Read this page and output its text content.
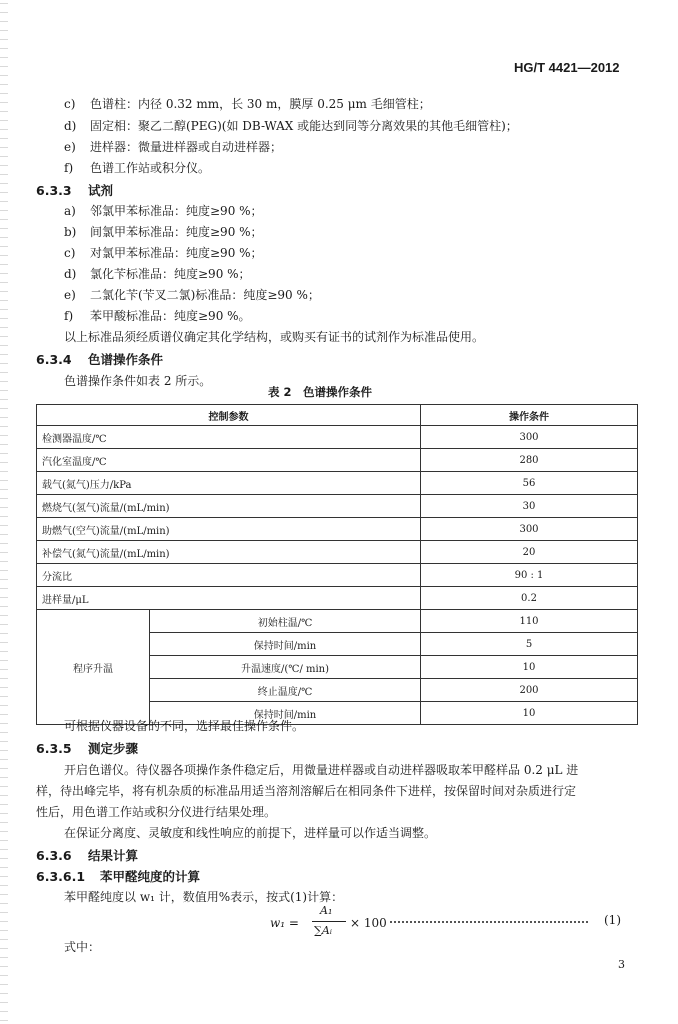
HG/T 4421—2012
c) 色谱柱：内径 0.32 mm，长 30 m，膜厚 0.25 μm 毛细管柱；
d) 固定相：聚乙二醇(PEG)(如 DB-WAX 或能达到同等分离效果的其他毛细管柱)；
e) 进样器：微量进样器或自动进样器；
f) 色谱工作站或积分仪。
6.3.3 试剂
a) 邻氯甲苯标准品：纯度≥90 %；
b) 间氯甲苯标准品：纯度≥90 %；
c) 对氯甲苯标准品：纯度≥90 %；
d) 氯化苄标准品：纯度≥90 %；
e) 二氯化苄(苄叉二氯)标准品：纯度≥90 %；
f) 苯甲酸标准品：纯度≥90 %。
以上标准品须经质谱仪确定其化学结构，或购买有证书的试剂作为标准品使用。
6.3.4 色谱操作条件
色谱操作条件如表 2 所示。
表 2　色谱操作条件
控制参数		操作条件
检测器温度/℃		300
汽化室温度/℃		280
载气(氮气)压力/kPa		56
燃烧气(氢气)流量/(mL/min)		30
助燃气(空气)流量/(mL/min)		300
补偿气(氮气)流量/(mL/min)		20
分流比		90 : 1
进样量/μL		0.2
程序升温	初始柱温/℃	110
	保持时间/min	5
	升温速度/(℃/ min)	10
	终止温度/℃	200
	保持时间/min	10
可根据仪器设备的不同，选择最佳操作条件。
6.3.5 测定步骤
开启色谱仪。待仪器各项操作条件稳定后，用微量进样器或自动进样器吸取苯甲醛样品 0.2 μL 进
样，待出峰完毕，将有机杂质的标准品用适当溶剂溶解后在相同条件下进样，按保留时间对杂质进行定
性后，用色谱工作站或积分仪进行结果处理。
在保证分离度、灵敏度和线性响应的前提下，进样量可以作适当调整。
6.3.6 结果计算
6.3.6.1 苯甲醛纯度的计算
苯甲醛纯度以 w₁ 计，数值用%表示，按式(1)计算：
w₁ =
A₁
∑Aᵢ
× 100	(1)
式中：
3
